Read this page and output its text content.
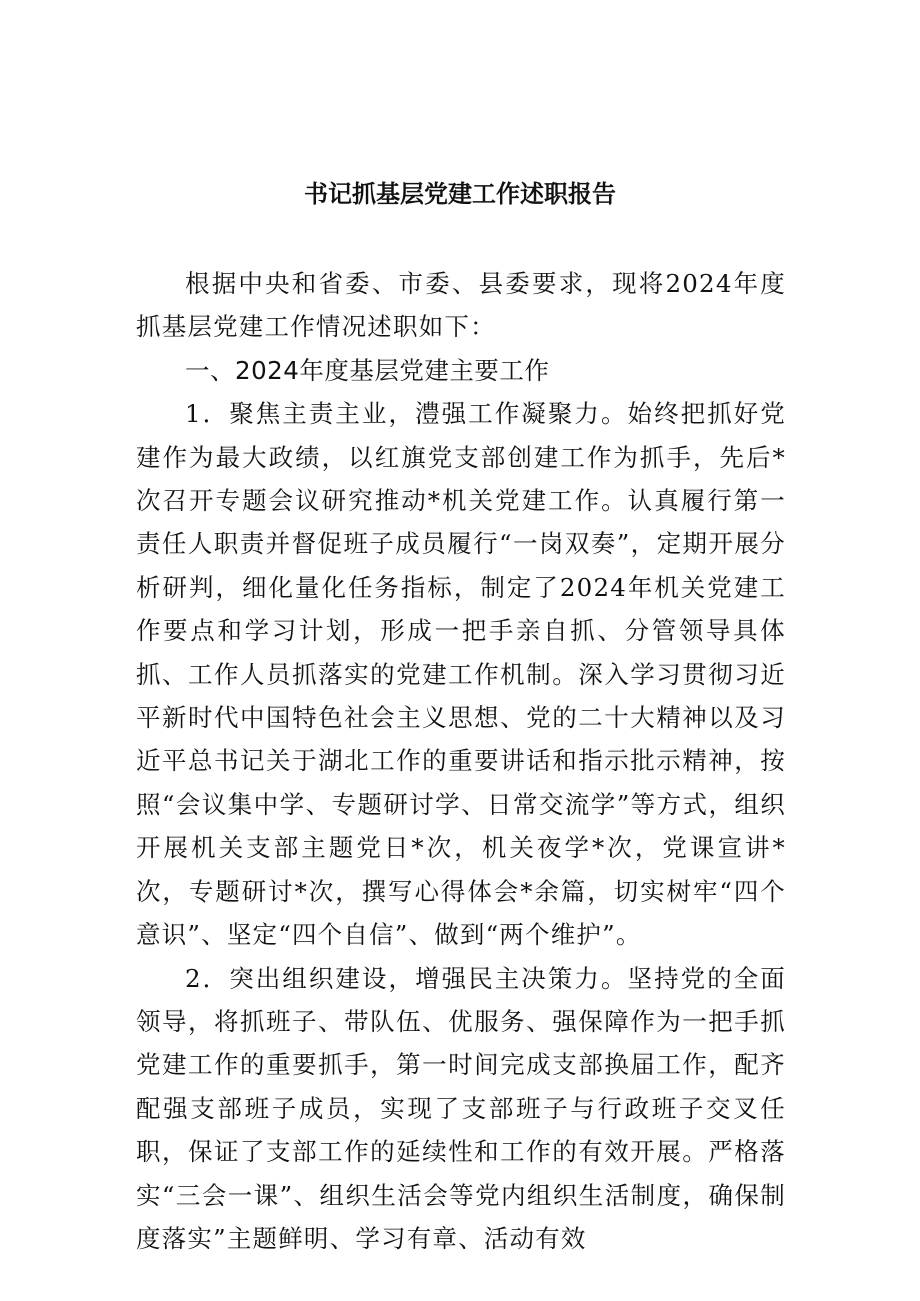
书记抓基层党建工作述职报告

根据中央和省委、市委、县委要求，现将2024年度抓基层党建工作情况述职如下：

一、2024年度基层党建主要工作

1．聚焦主责主业，澧强工作凝聚力。始终把抓好党建作为最大政绩，以红旗党支部创建工作为抓手，先后*次召开专题会议研究推动*机关党建工作。认真履行第一责任人职责并督促班子成员履行“一岗双奏”，定期开展分析研判，细化量化任务指标，制定了2024年机关党建工作要点和学习计划，形成一把手亲自抓、分管领导具体抓、工作人员抓落实的党建工作机制。深入学习贯彻习近平新时代中国特色社会主义思想、党的二十大精神以及习近平总书记关于湖北工作的重要讲话和指示批示精神，按照“会议集中学、专题研讨学、日常交流学”等方式，组织开展机关支部主题党日*次，机关夜学*次，党课宣讲*次，专题研讨*次，撰写心得体会*余篇，切实树牢“四个意识”、坚定“四个自信”、做到“两个维护”。

2．突出组织建设，增强民主决策力。坚持党的全面领导，将抓班子、带队伍、优服务、强保障作为一把手抓党建工作的重要抓手，第一时间完成支部换届工作，配齐配强支部班子成员，实现了支部班子与行政班子交叉任职，保证了支部工作的延续性和工作的有效开展。严格落实“三会一课”、组织生活会等党内组织生活制度，确保制度落实”主题鲜明、学习有章、活动有效
